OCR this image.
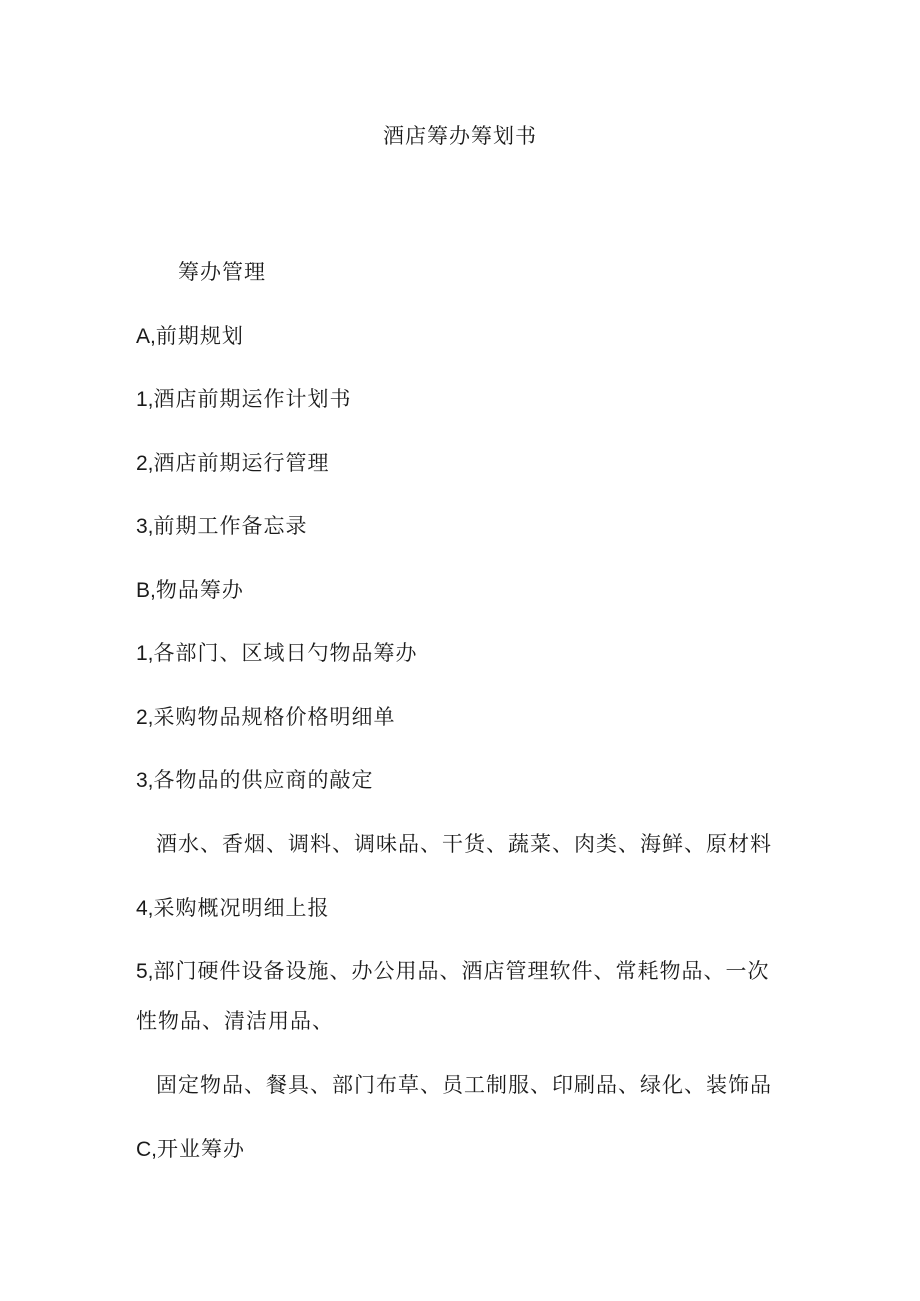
酒店筹办筹划书
筹办管理
A,前期规划
1,酒店前期运作计划书
2,酒店前期运行管理
3,前期工作备忘录
B,物品筹办
1,各部门、区域日勺物品筹办
2,采购物品规格价格明细单
3,各物品的供应商的敲定
酒水、香烟、调料、调味品、干货、蔬菜、肉类、海鲜、原材料
4,采购概况明细上报
5,部门硬件设备设施、办公用品、酒店管理软件、常耗物品、一次
性物品、清洁用品、
固定物品、餐具、部门布草、员工制服、印刷品、绿化、装饰品
C,开业筹办
